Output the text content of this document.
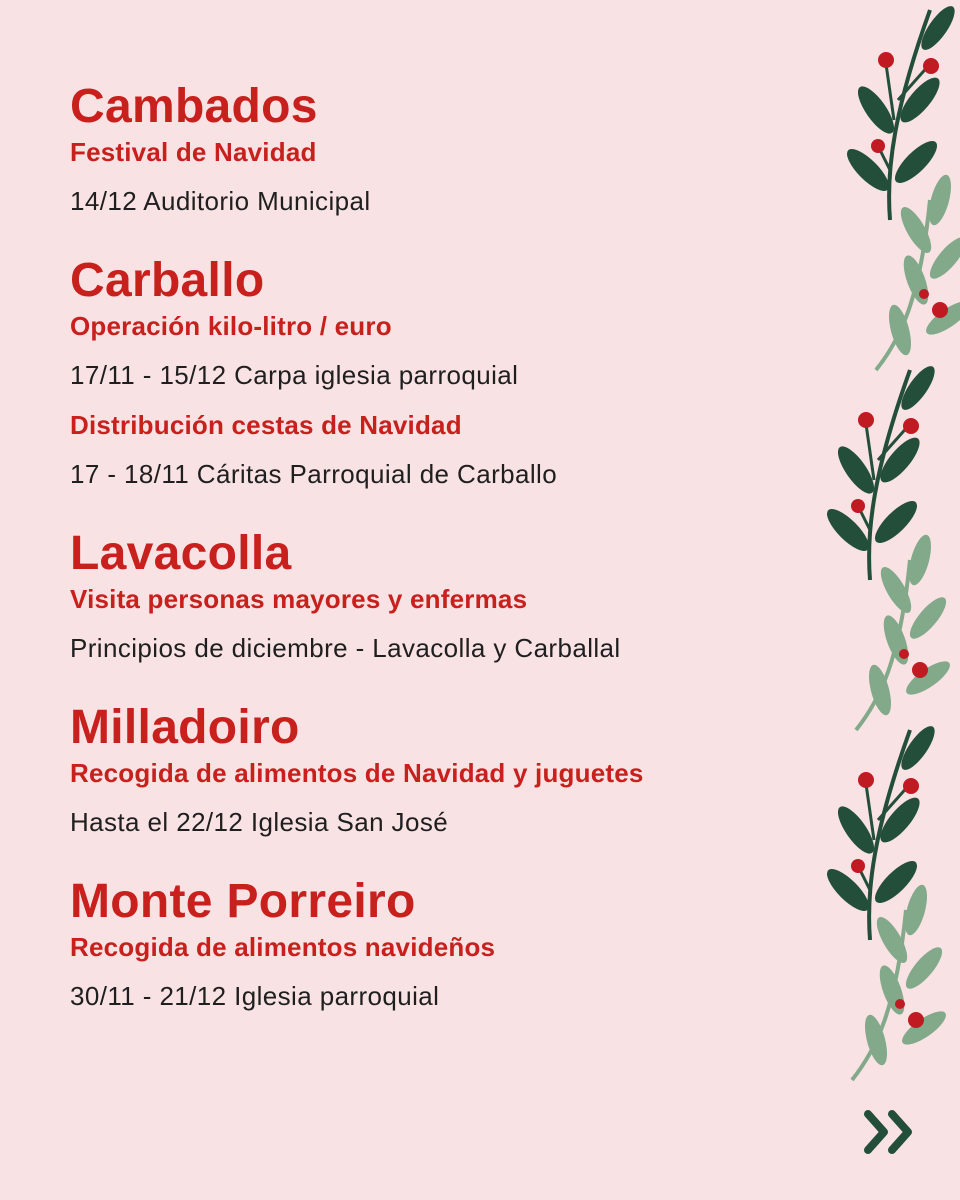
Cambados

Festival de Navidad

14/12 Auditorio Municipal

Carballo

Operación kilo-litro / euro

17/11 - 15/12 Carpa iglesia parroquial

Distribución cestas de Navidad

17 - 18/11 Cáritas Parroquial de Carballo

Lavacolla

Visita personas mayores y enfermas

Principios de diciembre - Lavacolla y Carballal

Milladoiro

Recogida de alimentos de Navidad y juguetes

Hasta el 22/12 Iglesia San José

Monte Porreiro

Recogida de alimentos navideños

30/11 - 21/12 Iglesia parroquial
